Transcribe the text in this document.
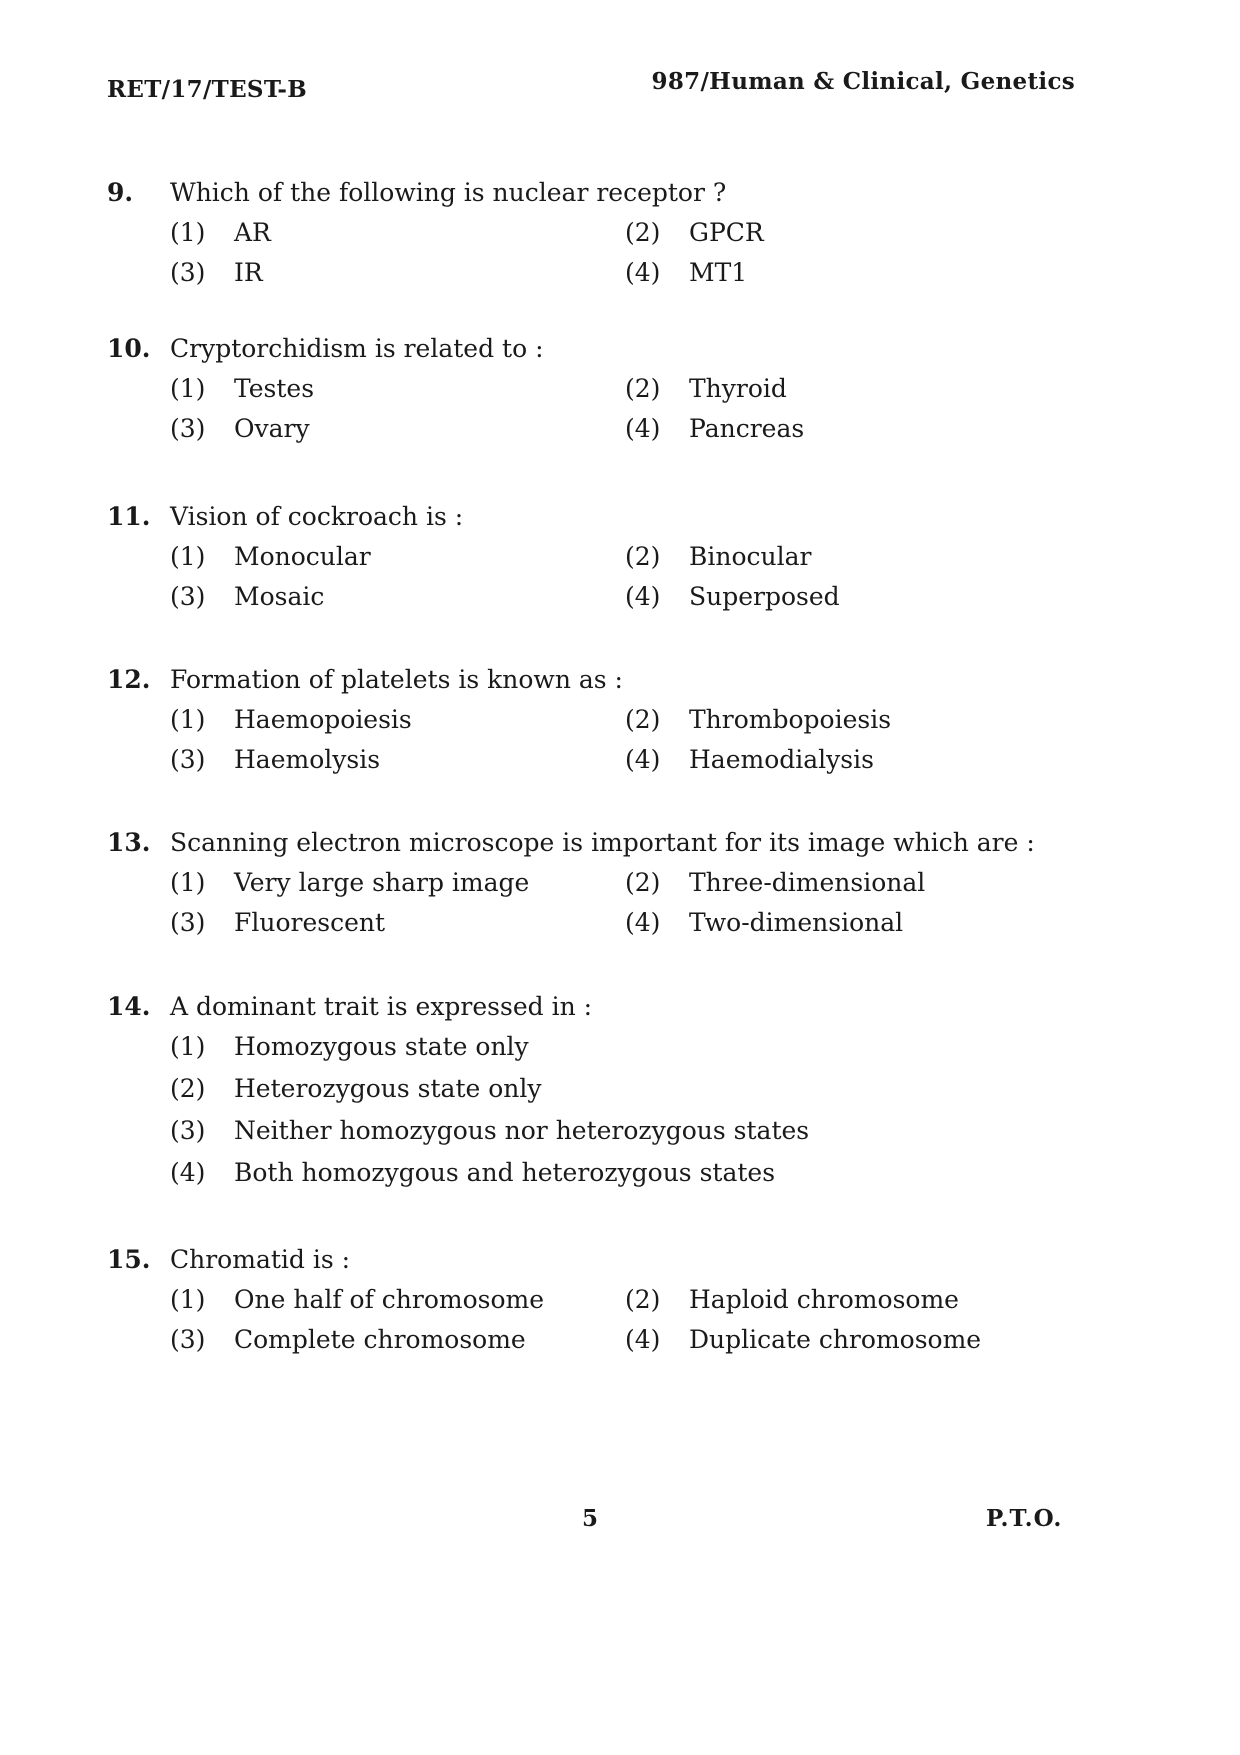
RET/17/TEST-B	987/Human & Clinical, Genetics
9.	Which of the following is nuclear receptor ?
(1)	AR	(2)	GPCR
(3)	IR	(4)	MT1
10. Cryptorchidism is related to :
(1)	Testes	(2)	Thyroid
(3)	Ovary	(4)	Pancreas
11. Vision of cockroach is :
(1)	Monocular	(2)	Binocular
(3)	Mosaic	(4)	Superposed
12. Formation of platelets is known as :
(1)	Haemopoiesis	(2)	Thrombopoiesis
(3)	Haemolysis	(4)	Haemodialysis
13. Scanning electron microscope is important for its image which are :
(1)	Very large sharp image	(2)	Three-dimensional
(3)	Fluorescent	(4)	Two-dimensional
14. A dominant trait is expressed in :
(1)	Homozygous state only
(2)	Heterozygous state only
(3)	Neither homozygous nor heterozygous states
(4)	Both homozygous and heterozygous states
15. Chromatid is :
(1)	One half of chromosome	(2)	Haploid chromosome
(3)	Complete chromosome	(4)	Duplicate chromosome
5	P.T.O.
